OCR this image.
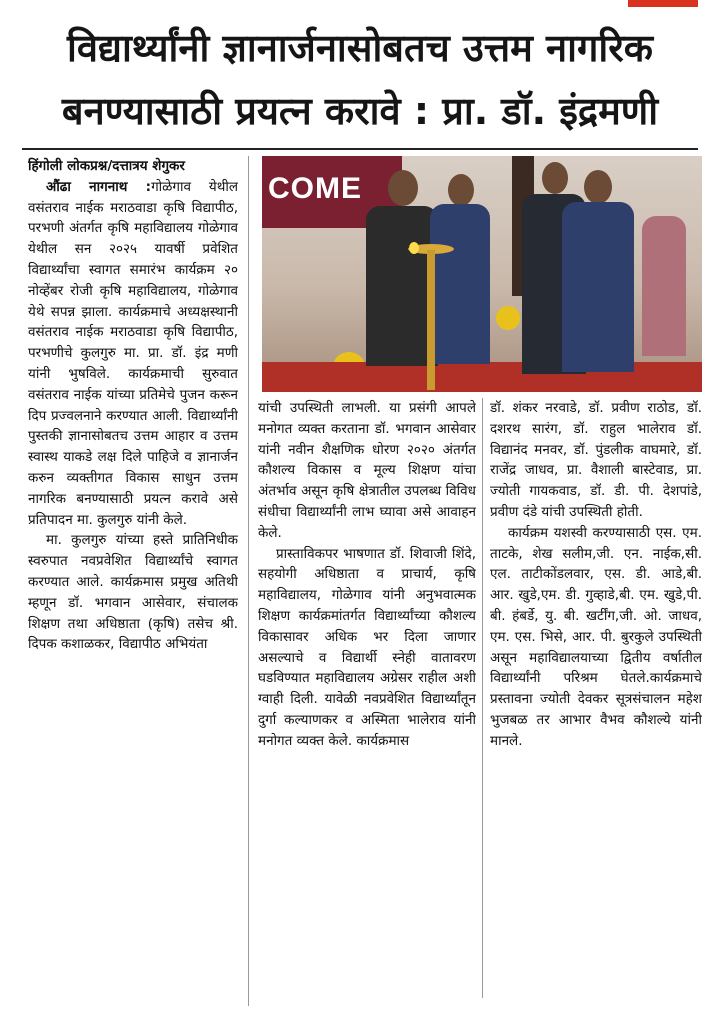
विद्यार्थ्यांनी ज्ञानार्जनासोबतच उत्तम नागरिक
बनण्यासाठी प्रयत्न करावे : प्रा. डॉ. इंद्रमणी

हिंगोली लोकप्रश्न/दत्तात्रय शेगुकर

औंढा नागनाथ :गोळेगाव येथील वसंतराव नाईक मराठवाडा कृषि विद्यापीठ, परभणी अंतर्गत कृषि महाविद्यालय गोळेगाव येथील सन २०२५ यावर्षी प्रवेशित विद्यार्थ्यांचा स्वागत समारंभ कार्यक्रम २० नोव्हेंबर रोजी कृषि महाविद्यालय, गोळेगाव येथे सपन्न झाला. कार्यक्रमाचे अध्यक्षस्थानी वसंतराव नाईक मराठवाडा कृषि विद्यापीठ, परभणीचे कुलगुरु मा. प्रा. डॉ. इंद्र मणी यांनी भुषविले. कार्यक्रमाची सुरुवात वसंतराव नाईक यांच्या प्रतिमेचे पुजन करून दिप प्रज्वलनाने करण्यात आली. विद्यार्थ्यांनी पुस्तकी ज्ञानासोबतच उत्तम आहार व उत्तम स्वास्थ याकडे लक्ष दिले पाहिजे व ज्ञानार्जन करुन व्यक्तीगत विकास साधुन उत्तम नागरिक बनण्यासाठी प्रयत्न करावे असे प्रतिपादन मा. कुलगुरु यांनी केले.

मा. कुलगुरु यांच्या हस्ते प्रातिनिधीक स्वरुपात नवप्रवेशित विद्यार्थ्यांचे स्वागत करण्यात आले. कार्यक्रमास प्रमुख अतिथी म्हणून डॉ. भगवान आसेवार, संचालक शिक्षण तथा अधिष्ठाता (कृषि) तसेच श्री. दिपक कशाळकर, विद्यापीठ अभियंता

COME

यांची उपस्थिती लाभली. या प्रसंगी आपले मनोगत व्यक्त करताना डॉ. भगवान आसेवार यांनी नवीन शैक्षणिक धोरण २०२० अंतर्गत कौशल्य विकास व मूल्य शिक्षण यांचा अंतर्भाव असून कृषि क्षेत्रातील उपलब्ध विविध संधीचा विद्यार्थ्यांनी लाभ घ्यावा असे आवाहन केले.

प्रास्ताविकपर भाषणात डॉ. शिवाजी शिंदे, सहयोगी अधिष्ठाता व प्राचार्य, कृषि महाविद्यालय, गोळेगाव यांनी अनुभवात्मक शिक्षण कार्यक्रमांतर्गत विद्यार्थ्यांच्या कौशल्य विकासावर अधिक भर दिला जाणार असल्याचे व विद्यार्थी स्नेही वातावरण घडविण्यात महाविद्यालय अग्रेसर राहील अशी ग्वाही दिली. यावेळी नवप्रवेशित विद्यार्थ्यांतून दुर्गा कल्याणकर व अस्मिता भालेराव यांनी मनोगत व्यक्त केले. कार्यक्रमास

डॉ. शंकर नरवाडे, डॉ. प्रवीण राठोड, डॉ. दशरथ सारंग, डॉ. राहुल भालेराव डॉ. विद्यानंद मनवर, डॉ. पुंडलीक वाघमारे, डॉ. राजेंद्र जाधव, प्रा. वैशाली बास्टेवाड, प्रा. ज्योती गायकवाड, डॉ. डी. पी. देशपांडे, प्रवीण दंडे यांची उपस्थिती होती.

कार्यक्रम यशस्वी करण्यासाठी एस. एम. ताटके, शेख सलीम,जी. एन. नाईक,सी. एल. ताटीकोंडलवार, एस. डी. आडे,बी. आर. खुडे,एम. डी. गुव्हाडे,बी. एम. खुडे,पी. बी. हंबर्डे, यु. बी. खर्टींग,जी. ओ. जाधव, एम. एस. भिसे, आर. पी. बुरकुले उपस्थिती असून महाविद्यालयाच्या द्वितीय वर्षातील विद्यार्थ्यांनी परिश्रम घेतले.कार्यक्रमाचे प्रस्तावना ज्योती देवकर सूत्रसंचालन महेश भुजबळ तर आभार वैभव कौशल्ये यांनी मानले.
